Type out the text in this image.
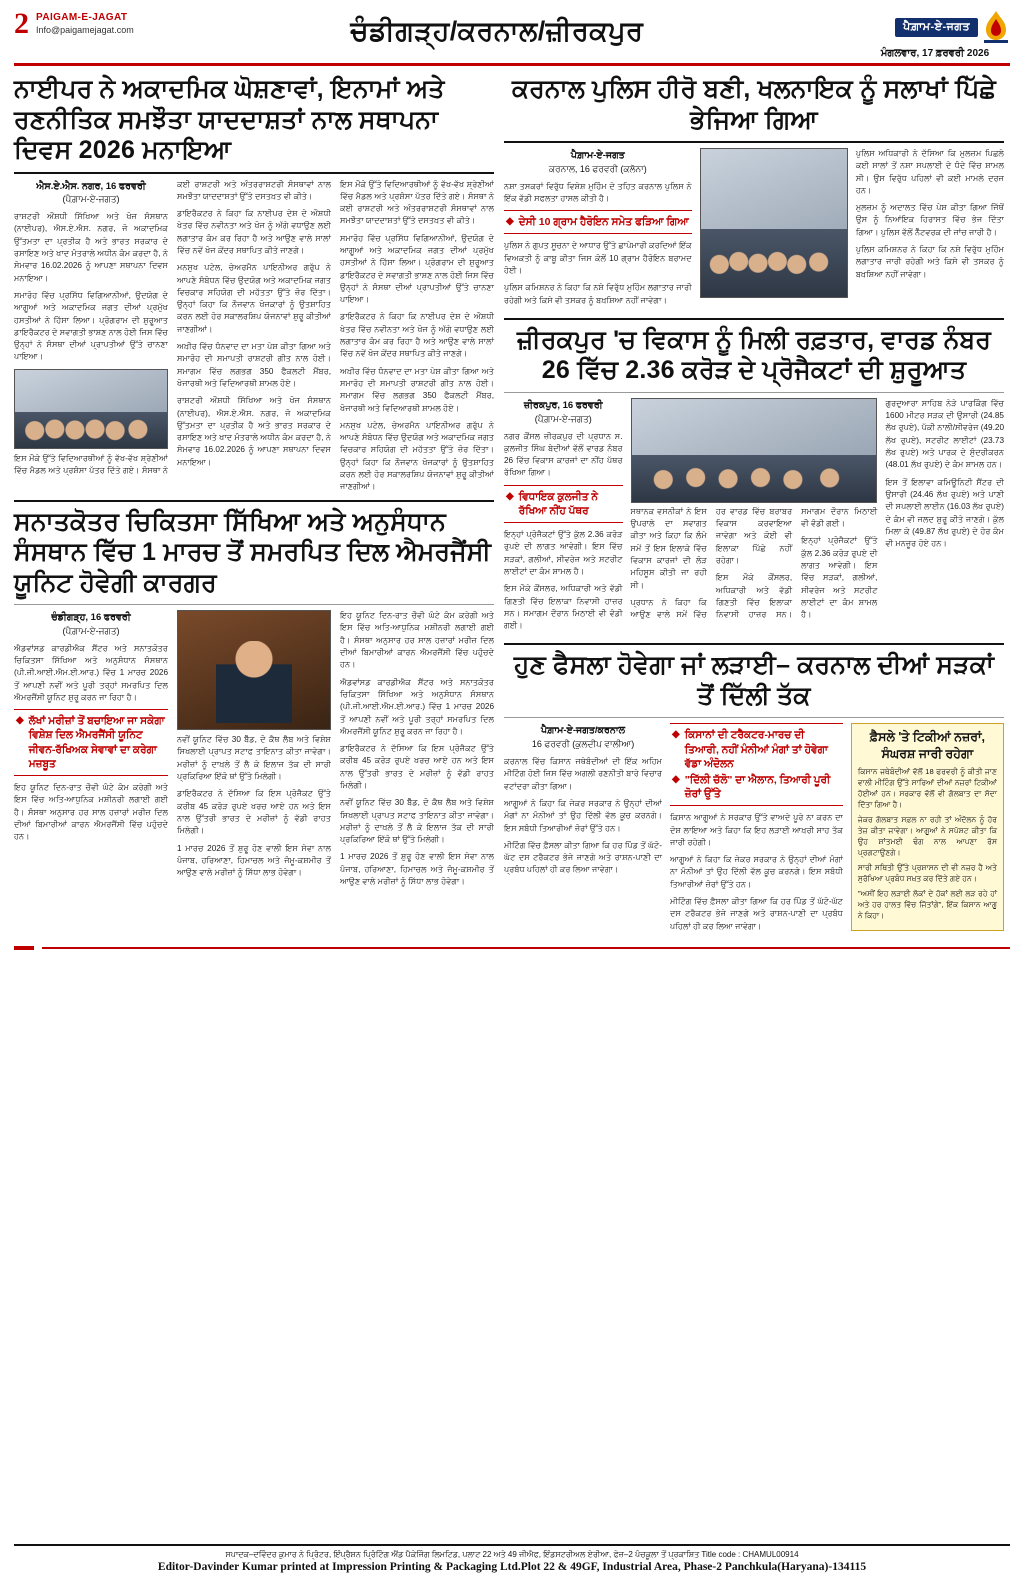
2 PAIGAM-E-JAGAT
Info@paigamejagat.com	ਚੰਡੀਗੜ੍ਹ/ਕਰਨਾਲ/ਜ਼ੀਰਕਪੁਰ	ਪੈਗ਼ਾਮ-ਏ-ਜਗਤ
ਮੰਗਲਵਾਰ, 17 ਫ਼ਰਵਰੀ 2026
ਨਾਈਪਰ ਨੇ ਅਕਾਦਮਿਕ ਘੋਸ਼ਣਾਵਾਂ, ਇਨਾਮਾਂ ਅਤੇ ਰਣਨੀਤਿਕ ਸਮਝੌਤਾ ਯਾਦਦਾਸ਼ਤਾਂ ਨਾਲ ਸਥਾਪਨਾ ਦਿਵਸ 2026 ਮਨਾਇਆ
ਐਸ.ਏ.ਐਸ. ਨਗਰ, 16 ਫਰਵਰੀ
(ਪੈਗ਼ਾਮ-ਏ-ਜਗਤ)

ਰਾਸ਼ਟਰੀ ਔਸ਼ਧੀ ਸਿੱਖਿਆ ਅਤੇ ਖੋਜ ਸੰਸਥਾਨ (ਨਾਈਪਰ), ਐਸ.ਏ.ਐਸ. ਨਗਰ, ਜੋ ਅਕਾਦਮਿਕ ਉੱਤਮਤਾ ਦਾ ਪ੍ਰਤੀਕ ਹੈ ਅਤੇ ਭਾਰਤ ਸਰਕਾਰ ਦੇ ਰਸਾਇਣ ਅਤੇ ਖਾਦ ਮੰਤਰਾਲੇ ਅਧੀਨ ਕੰਮ ਕਰਦਾ ਹੈ, ਨੇ ਸੋਮਵਾਰ 16.02.2026 ਨੂੰ ਆਪਣਾ ਸਥਾਪਨਾ ਦਿਵਸ ਮਨਾਇਆ।

ਸਮਾਰੋਹ ਵਿੱਚ ਪ੍ਰਸਿੱਧ ਵਿਗਿਆਨੀਆਂ, ਉਦਯੋਗ ਦੇ ਆਗੂਆਂ ਅਤੇ ਅਕਾਦਮਿਕ ਜਗਤ ਦੀਆਂ ਪ੍ਰਮੁੱਖ ਹਸਤੀਆਂ ਨੇ ਹਿੱਸਾ ਲਿਆ। ਪ੍ਰੋਗਰਾਮ ਦੀ ਸ਼ੁਰੂਆਤ ਡਾਇਰੈਕਟਰ ਦੇ ਸਵਾਗਤੀ ਭਾਸ਼ਣ ਨਾਲ ਹੋਈ ਜਿਸ ਵਿੱਚ ਉਨ੍ਹਾਂ ਨੇ ਸੰਸਥਾ ਦੀਆਂ ਪ੍ਰਾਪਤੀਆਂ ਉੱਤੇ ਚਾਨਣਾ ਪਾਇਆ।

ਇਸ ਮੌਕੇ ਉੱਤੇ ਵਿਦਿਆਰਥੀਆਂ ਨੂੰ ਵੱਖ-ਵੱਖ ਸ਼੍ਰੇਣੀਆਂ ਵਿੱਚ ਮੈਡਲ ਅਤੇ ਪ੍ਰਸ਼ੰਸਾ ਪੱਤਰ ਦਿੱਤੇ ਗਏ। ਸੰਸਥਾ ਨੇ ਕਈ ਰਾਸ਼ਟਰੀ ਅਤੇ ਅੰਤਰਰਾਸ਼ਟਰੀ ਸੰਸਥਾਵਾਂ ਨਾਲ ਸਮਝੌਤਾ ਯਾਦਦਾਸ਼ਤਾਂ ਉੱਤੇ ਦਸਤਖ਼ਤ ਵੀ ਕੀਤੇ।

ਡਾਇਰੈਕਟਰ ਨੇ ਕਿਹਾ ਕਿ ਨਾਈਪਰ ਦੇਸ਼ ਦੇ ਔਸ਼ਧੀ ਖੇਤਰ ਵਿੱਚ ਨਵੀਨਤਾ ਅਤੇ ਖੋਜ ਨੂੰ ਅੱਗੇ ਵਧਾਉਣ ਲਈ ਲਗਾਤਾਰ ਕੰਮ ਕਰ ਰਿਹਾ ਹੈ ਅਤੇ ਆਉਣ ਵਾਲੇ ਸਾਲਾਂ ਵਿੱਚ ਨਵੇਂ ਖੋਜ ਕੇਂਦਰ ਸਥਾਪਿਤ ਕੀਤੇ ਜਾਣਗੇ।

ਮਨਸੁਖ ਪਟੇਲ, ਚੇਅਰਮੈਨ ਪਾਇਨੀਅਰ ਗਰੁੱਪ ਨੇ ਆਪਣੇ ਸੰਬੋਧਨ ਵਿੱਚ ਉਦਯੋਗ ਅਤੇ ਅਕਾਦਮਿਕ ਜਗਤ ਵਿਚਕਾਰ ਸਹਿਯੋਗ ਦੀ ਮਹੱਤਤਾ ਉੱਤੇ ਜ਼ੋਰ ਦਿੱਤਾ। ਉਨ੍ਹਾਂ ਕਿਹਾ ਕਿ ਨੌਜਵਾਨ ਖੋਜਕਾਰਾਂ ਨੂੰ ਉਤਸ਼ਾਹਿਤ ਕਰਨ ਲਈ ਹੋਰ ਸਕਾਲਰਸ਼ਿਪ ਯੋਜਨਾਵਾਂ ਸ਼ੁਰੂ ਕੀਤੀਆਂ ਜਾਣਗੀਆਂ।

ਅਖ਼ੀਰ ਵਿੱਚ ਧੰਨਵਾਦ ਦਾ ਮਤਾ ਪੇਸ਼ ਕੀਤਾ ਗਿਆ ਅਤੇ ਸਮਾਰੋਹ ਦੀ ਸਮਾਪਤੀ ਰਾਸ਼ਟਰੀ ਗੀਤ ਨਾਲ ਹੋਈ। ਸਮਾਗਮ ਵਿੱਚ ਲਗਭਗ 350 ਫੈਕਲਟੀ ਮੈਂਬਰ, ਖੋਜਾਰਥੀ ਅਤੇ ਵਿਦਿਆਰਥੀ ਸ਼ਾਮਲ ਹੋਏ।

ਰਾਸ਼ਟਰੀ ਔਸ਼ਧੀ ਸਿੱਖਿਆ ਅਤੇ ਖੋਜ ਸੰਸਥਾਨ (ਨਾਈਪਰ), ਐਸ.ਏ.ਐਸ. ਨਗਰ, ਜੋ ਅਕਾਦਮਿਕ ਉੱਤਮਤਾ ਦਾ ਪ੍ਰਤੀਕ ਹੈ ਅਤੇ ਭਾਰਤ ਸਰਕਾਰ ਦੇ ਰਸਾਇਣ ਅਤੇ ਖਾਦ ਮੰਤਰਾਲੇ ਅਧੀਨ ਕੰਮ ਕਰਦਾ ਹੈ, ਨੇ ਸੋਮਵਾਰ 16.02.2026 ਨੂੰ ਆਪਣਾ ਸਥਾਪਨਾ ਦਿਵਸ ਮਨਾਇਆ।

ਇਸ ਮੌਕੇ ਉੱਤੇ ਵਿਦਿਆਰਥੀਆਂ ਨੂੰ ਵੱਖ-ਵੱਖ ਸ਼੍ਰੇਣੀਆਂ ਵਿੱਚ ਮੈਡਲ ਅਤੇ ਪ੍ਰਸ਼ੰਸਾ ਪੱਤਰ ਦਿੱਤੇ ਗਏ। ਸੰਸਥਾ ਨੇ ਕਈ ਰਾਸ਼ਟਰੀ ਅਤੇ ਅੰਤਰਰਾਸ਼ਟਰੀ ਸੰਸਥਾਵਾਂ ਨਾਲ ਸਮਝੌਤਾ ਯਾਦਦਾਸ਼ਤਾਂ ਉੱਤੇ ਦਸਤਖ਼ਤ ਵੀ ਕੀਤੇ।

ਸਮਾਰੋਹ ਵਿੱਚ ਪ੍ਰਸਿੱਧ ਵਿਗਿਆਨੀਆਂ, ਉਦਯੋਗ ਦੇ ਆਗੂਆਂ ਅਤੇ ਅਕਾਦਮਿਕ ਜਗਤ ਦੀਆਂ ਪ੍ਰਮੁੱਖ ਹਸਤੀਆਂ ਨੇ ਹਿੱਸਾ ਲਿਆ। ਪ੍ਰੋਗਰਾਮ ਦੀ ਸ਼ੁਰੂਆਤ ਡਾਇਰੈਕਟਰ ਦੇ ਸਵਾਗਤੀ ਭਾਸ਼ਣ ਨਾਲ ਹੋਈ ਜਿਸ ਵਿੱਚ ਉਨ੍ਹਾਂ ਨੇ ਸੰਸਥਾ ਦੀਆਂ ਪ੍ਰਾਪਤੀਆਂ ਉੱਤੇ ਚਾਨਣਾ ਪਾਇਆ।

ਡਾਇਰੈਕਟਰ ਨੇ ਕਿਹਾ ਕਿ ਨਾਈਪਰ ਦੇਸ਼ ਦੇ ਔਸ਼ਧੀ ਖੇਤਰ ਵਿੱਚ ਨਵੀਨਤਾ ਅਤੇ ਖੋਜ ਨੂੰ ਅੱਗੇ ਵਧਾਉਣ ਲਈ ਲਗਾਤਾਰ ਕੰਮ ਕਰ ਰਿਹਾ ਹੈ ਅਤੇ ਆਉਣ ਵਾਲੇ ਸਾਲਾਂ ਵਿੱਚ ਨਵੇਂ ਖੋਜ ਕੇਂਦਰ ਸਥਾਪਿਤ ਕੀਤੇ ਜਾਣਗੇ।

ਅਖ਼ੀਰ ਵਿੱਚ ਧੰਨਵਾਦ ਦਾ ਮਤਾ ਪੇਸ਼ ਕੀਤਾ ਗਿਆ ਅਤੇ ਸਮਾਰੋਹ ਦੀ ਸਮਾਪਤੀ ਰਾਸ਼ਟਰੀ ਗੀਤ ਨਾਲ ਹੋਈ। ਸਮਾਗਮ ਵਿੱਚ ਲਗਭਗ 350 ਫੈਕਲਟੀ ਮੈਂਬਰ, ਖੋਜਾਰਥੀ ਅਤੇ ਵਿਦਿਆਰਥੀ ਸ਼ਾਮਲ ਹੋਏ।

ਮਨਸੁਖ ਪਟੇਲ, ਚੇਅਰਮੈਨ ਪਾਇਨੀਅਰ ਗਰੁੱਪ ਨੇ ਆਪਣੇ ਸੰਬੋਧਨ ਵਿੱਚ ਉਦਯੋਗ ਅਤੇ ਅਕਾਦਮਿਕ ਜਗਤ ਵਿਚਕਾਰ ਸਹਿਯੋਗ ਦੀ ਮਹੱਤਤਾ ਉੱਤੇ ਜ਼ੋਰ ਦਿੱਤਾ। ਉਨ੍ਹਾਂ ਕਿਹਾ ਕਿ ਨੌਜਵਾਨ ਖੋਜਕਾਰਾਂ ਨੂੰ ਉਤਸ਼ਾਹਿਤ ਕਰਨ ਲਈ ਹੋਰ ਸਕਾਲਰਸ਼ਿਪ ਯੋਜਨਾਵਾਂ ਸ਼ੁਰੂ ਕੀਤੀਆਂ ਜਾਣਗੀਆਂ।

ਸਨਾਤਕੋਤਰ ਚਿਕਿਤਸਾ ਸਿੱਖਿਆ ਅਤੇ ਅਨੁਸੰਧਾਨ ਸੰਸਥਾਨ ਵਿੱਚ 1 ਮਾਰਚ ਤੋਂ ਸਮਰਪਿਤ ਦਿਲ ਐਮਰਜੈਂਸੀ ਯੂਨਿਟ ਹੋਵੇਗੀ ਕਾਰਗਰ
ਚੰਡੀਗੜ੍ਹ, 16 ਫਰਵਰੀ
(ਪੈਗ਼ਾਮ-ਏ-ਜਗਤ)

ਐਡਵਾਂਸਡ ਕਾਰਡੀਐਕ ਸੈਂਟਰ ਅਤੇ ਸਨਾਤਕੋਤਰ ਚਿਕਿਤਸਾ ਸਿੱਖਿਆ ਅਤੇ ਅਨੁਸੰਧਾਨ ਸੰਸਥਾਨ (ਪੀ.ਜੀ.ਆਈ.ਐਮ.ਈ.ਆਰ.) ਵਿੱਚ 1 ਮਾਰਚ 2026 ਤੋਂ ਆਪਣੀ ਨਵੀਂ ਅਤੇ ਪੂਰੀ ਤਰ੍ਹਾਂ ਸਮਰਪਿਤ ਦਿਲ ਐਮਰਜੈਂਸੀ ਯੂਨਿਟ ਸ਼ੁਰੂ ਕਰਨ ਜਾ ਰਿਹਾ ਹੈ।

◆ ਲੱਖਾਂ ਮਰੀਜ਼ਾਂ ਤੋਂ ਬਚਾਇਆ ਜਾ ਸਕੇਗਾ ਵਿਸ਼ੇਸ਼ ਦਿਲ ਐਮਰਜੈਂਸੀ ਯੂਨਿਟ ਜੀਵਨ-ਰੱਖਿਅਕ ਸੇਵਾਵਾਂ ਦਾ ਕਰੇਗਾ ਮਜ਼ਬੂਤ

ਇਹ ਯੂਨਿਟ ਦਿਨ-ਰਾਤ ਚੌਵੀ ਘੰਟੇ ਕੰਮ ਕਰੇਗੀ ਅਤੇ ਇਸ ਵਿੱਚ ਅਤਿ-ਆਧੁਨਿਕ ਮਸ਼ੀਨਰੀ ਲਗਾਈ ਗਈ ਹੈ। ਸੰਸਥਾ ਅਨੁਸਾਰ ਹਰ ਸਾਲ ਹਜ਼ਾਰਾਂ ਮਰੀਜ਼ ਦਿਲ ਦੀਆਂ ਬਿਮਾਰੀਆਂ ਕਾਰਨ ਐਮਰਜੈਂਸੀ ਵਿੱਚ ਪਹੁੰਚਦੇ ਹਨ।

ਨਵੀਂ ਯੂਨਿਟ ਵਿੱਚ 30 ਬੈੱਡ, ਦੋ ਕੈਥ ਲੈਬ ਅਤੇ ਵਿਸ਼ੇਸ਼ ਸਿਖਲਾਈ ਪ੍ਰਾਪਤ ਸਟਾਫ ਤਾਇਨਾਤ ਕੀਤਾ ਜਾਵੇਗਾ। ਮਰੀਜ਼ਾਂ ਨੂੰ ਦਾਖ਼ਲੇ ਤੋਂ ਲੈ ਕੇ ਇਲਾਜ ਤੱਕ ਦੀ ਸਾਰੀ ਪ੍ਰਕਿਰਿਆ ਇੱਕੋ ਥਾਂ ਉੱਤੇ ਮਿਲੇਗੀ।

ਡਾਇਰੈਕਟਰ ਨੇ ਦੱਸਿਆ ਕਿ ਇਸ ਪ੍ਰੋਜੈਕਟ ਉੱਤੇ ਕਰੀਬ 45 ਕਰੋੜ ਰੁਪਏ ਖਰਚ ਆਏ ਹਨ ਅਤੇ ਇਸ ਨਾਲ ਉੱਤਰੀ ਭਾਰਤ ਦੇ ਮਰੀਜ਼ਾਂ ਨੂੰ ਵੱਡੀ ਰਾਹਤ ਮਿਲੇਗੀ।

1 ਮਾਰਚ 2026 ਤੋਂ ਸ਼ੁਰੂ ਹੋਣ ਵਾਲੀ ਇਸ ਸੇਵਾ ਨਾਲ ਪੰਜਾਬ, ਹਰਿਆਣਾ, ਹਿਮਾਚਲ ਅਤੇ ਜੰਮੂ-ਕਸ਼ਮੀਰ ਤੋਂ ਆਉਣ ਵਾਲੇ ਮਰੀਜ਼ਾਂ ਨੂੰ ਸਿੱਧਾ ਲਾਭ ਹੋਵੇਗਾ।

ਇਹ ਯੂਨਿਟ ਦਿਨ-ਰਾਤ ਚੌਵੀ ਘੰਟੇ ਕੰਮ ਕਰੇਗੀ ਅਤੇ ਇਸ ਵਿੱਚ ਅਤਿ-ਆਧੁਨਿਕ ਮਸ਼ੀਨਰੀ ਲਗਾਈ ਗਈ ਹੈ। ਸੰਸਥਾ ਅਨੁਸਾਰ ਹਰ ਸਾਲ ਹਜ਼ਾਰਾਂ ਮਰੀਜ਼ ਦਿਲ ਦੀਆਂ ਬਿਮਾਰੀਆਂ ਕਾਰਨ ਐਮਰਜੈਂਸੀ ਵਿੱਚ ਪਹੁੰਚਦੇ ਹਨ।

ਐਡਵਾਂਸਡ ਕਾਰਡੀਐਕ ਸੈਂਟਰ ਅਤੇ ਸਨਾਤਕੋਤਰ ਚਿਕਿਤਸਾ ਸਿੱਖਿਆ ਅਤੇ ਅਨੁਸੰਧਾਨ ਸੰਸਥਾਨ (ਪੀ.ਜੀ.ਆਈ.ਐਮ.ਈ.ਆਰ.) ਵਿੱਚ 1 ਮਾਰਚ 2026 ਤੋਂ ਆਪਣੀ ਨਵੀਂ ਅਤੇ ਪੂਰੀ ਤਰ੍ਹਾਂ ਸਮਰਪਿਤ ਦਿਲ ਐਮਰਜੈਂਸੀ ਯੂਨਿਟ ਸ਼ੁਰੂ ਕਰਨ ਜਾ ਰਿਹਾ ਹੈ।

ਡਾਇਰੈਕਟਰ ਨੇ ਦੱਸਿਆ ਕਿ ਇਸ ਪ੍ਰੋਜੈਕਟ ਉੱਤੇ ਕਰੀਬ 45 ਕਰੋੜ ਰੁਪਏ ਖਰਚ ਆਏ ਹਨ ਅਤੇ ਇਸ ਨਾਲ ਉੱਤਰੀ ਭਾਰਤ ਦੇ ਮਰੀਜ਼ਾਂ ਨੂੰ ਵੱਡੀ ਰਾਹਤ ਮਿਲੇਗੀ।

ਨਵੀਂ ਯੂਨਿਟ ਵਿੱਚ 30 ਬੈੱਡ, ਦੋ ਕੈਥ ਲੈਬ ਅਤੇ ਵਿਸ਼ੇਸ਼ ਸਿਖਲਾਈ ਪ੍ਰਾਪਤ ਸਟਾਫ ਤਾਇਨਾਤ ਕੀਤਾ ਜਾਵੇਗਾ। ਮਰੀਜ਼ਾਂ ਨੂੰ ਦਾਖ਼ਲੇ ਤੋਂ ਲੈ ਕੇ ਇਲਾਜ ਤੱਕ ਦੀ ਸਾਰੀ ਪ੍ਰਕਿਰਿਆ ਇੱਕੋ ਥਾਂ ਉੱਤੇ ਮਿਲੇਗੀ।

1 ਮਾਰਚ 2026 ਤੋਂ ਸ਼ੁਰੂ ਹੋਣ ਵਾਲੀ ਇਸ ਸੇਵਾ ਨਾਲ ਪੰਜਾਬ, ਹਰਿਆਣਾ, ਹਿਮਾਚਲ ਅਤੇ ਜੰਮੂ-ਕਸ਼ਮੀਰ ਤੋਂ ਆਉਣ ਵਾਲੇ ਮਰੀਜ਼ਾਂ ਨੂੰ ਸਿੱਧਾ ਲਾਭ ਹੋਵੇਗਾ।

ਕਰਨਾਲ ਪੁਲਿਸ ਹੀਰੋ ਬਣੀ, ਖਲਨਾਇਕ ਨੂੰ ਸਲਾਖਾਂ ਪਿੱਛੇ ਭੇਜਿਆ ਗਿਆ
ਪੈਗ਼ਾਮ-ਏ-ਜਗਤ
ਕਰਨਾਲ, 16 ਫਰਵਰੀ (ਕਲੋਨਾ)

ਨਸ਼ਾ ਤਸਕਰਾਂ ਵਿਰੁੱਧ ਵਿਸ਼ੇਸ਼ ਮੁਹਿੰਮ ਦੇ ਤਹਿਤ ਕਰਨਾਲ ਪੁਲਿਸ ਨੇ ਇੱਕ ਵੱਡੀ ਸਫਲਤਾ ਹਾਸਲ ਕੀਤੀ ਹੈ।

◆ ਦੇਸੀ 10 ਗ੍ਰਾਮ ਹੈਰੋਇਨ ਸਮੇਤ ਫੜਿਆ ਗਿਆ

ਪੁਲਿਸ ਨੇ ਗੁਪਤ ਸੂਚਨਾ ਦੇ ਆਧਾਰ ਉੱਤੇ ਛਾਪੇਮਾਰੀ ਕਰਦਿਆਂ ਇੱਕ ਵਿਅਕਤੀ ਨੂੰ ਕਾਬੂ ਕੀਤਾ ਜਿਸ ਕੋਲੋਂ 10 ਗ੍ਰਾਮ ਹੈਰੋਇਨ ਬਰਾਮਦ ਹੋਈ।

ਪੁਲਿਸ ਕਮਿਸ਼ਨਰ ਨੇ ਕਿਹਾ ਕਿ ਨਸ਼ੇ ਵਿਰੁੱਧ ਮੁਹਿੰਮ ਲਗਾਤਾਰ ਜਾਰੀ ਰਹੇਗੀ ਅਤੇ ਕਿਸੇ ਵੀ ਤਸਕਰ ਨੂੰ ਬਖ਼ਸ਼ਿਆ ਨਹੀਂ ਜਾਵੇਗਾ।

ਪੁਲਿਸ ਅਧਿਕਾਰੀ ਨੇ ਦੱਸਿਆ ਕਿ ਮੁਲਜ਼ਮ ਪਿਛਲੇ ਕਈ ਸਾਲਾਂ ਤੋਂ ਨਸ਼ਾ ਸਪਲਾਈ ਦੇ ਧੰਦੇ ਵਿੱਚ ਸ਼ਾਮਲ ਸੀ। ਉਸ ਵਿਰੁੱਧ ਪਹਿਲਾਂ ਵੀ ਕਈ ਮਾਮਲੇ ਦਰਜ ਹਨ।

ਮੁਲਜ਼ਮ ਨੂੰ ਅਦਾਲਤ ਵਿੱਚ ਪੇਸ਼ ਕੀਤਾ ਗਿਆ ਜਿੱਥੋਂ ਉਸ ਨੂੰ ਨਿਆਂਇਕ ਹਿਰਾਸਤ ਵਿੱਚ ਭੇਜ ਦਿੱਤਾ ਗਿਆ। ਪੁਲਿਸ ਵੱਲੋਂ ਨੈੱਟਵਰਕ ਦੀ ਜਾਂਚ ਜਾਰੀ ਹੈ।

ਪੁਲਿਸ ਕਮਿਸ਼ਨਰ ਨੇ ਕਿਹਾ ਕਿ ਨਸ਼ੇ ਵਿਰੁੱਧ ਮੁਹਿੰਮ ਲਗਾਤਾਰ ਜਾਰੀ ਰਹੇਗੀ ਅਤੇ ਕਿਸੇ ਵੀ ਤਸਕਰ ਨੂੰ ਬਖ਼ਸ਼ਿਆ ਨਹੀਂ ਜਾਵੇਗਾ।

ਜ਼ੀਰਕਪੁਰ 'ਚ ਵਿਕਾਸ ਨੂੰ ਮਿਲੀ ਰਫ਼ਤਾਰ, ਵਾਰਡ ਨੰਬਰ 26 ਵਿੱਚ 2.36 ਕਰੋੜ ਦੇ ਪ੍ਰੋਜੈਕਟਾਂ ਦੀ ਸ਼ੁਰੂਆਤ
ਜ਼ੀਰਕਪੁਰ, 16 ਫਰਵਰੀ
(ਪੈਗ਼ਾਮ-ਏ-ਜਗਤ)

ਨਗਰ ਕੌਂਸਲ ਜ਼ੀਰਕਪੁਰ ਦੀ ਪ੍ਰਧਾਨ ਸ. ਕੁਲਜੀਤ ਸਿੰਘ ਬੇਦੀਆਂ ਵੱਲੋਂ ਵਾਰਡ ਨੰਬਰ 26 ਵਿੱਚ ਵਿਕਾਸ ਕਾਰਜਾਂ ਦਾ ਨੀਂਹ ਪੱਥਰ ਰੱਖਿਆ ਗਿਆ।

◆ ਵਿਧਾਇਕ ਕੁਲਜੀਤ ਨੇ ਰੱਖਿਆ ਨੀਂਹ ਪੱਥਰ

ਇਨ੍ਹਾਂ ਪ੍ਰੋਜੈਕਟਾਂ ਉੱਤੇ ਕੁੱਲ 2.36 ਕਰੋੜ ਰੁਪਏ ਦੀ ਲਾਗਤ ਆਵੇਗੀ। ਇਸ ਵਿੱਚ ਸੜਕਾਂ, ਗਲੀਆਂ, ਸੀਵਰੇਜ ਅਤੇ ਸਟਰੀਟ ਲਾਈਟਾਂ ਦਾ ਕੰਮ ਸ਼ਾਮਲ ਹੈ।

ਇਸ ਮੌਕੇ ਕੌਂਸਲਰ, ਅਧਿਕਾਰੀ ਅਤੇ ਵੱਡੀ ਗਿਣਤੀ ਵਿੱਚ ਇਲਾਕਾ ਨਿਵਾਸੀ ਹਾਜ਼ਰ ਸਨ। ਸਮਾਗਮ ਦੌਰਾਨ ਮਿਠਾਈ ਵੀ ਵੰਡੀ ਗਈ।

ਸਥਾਨਕ ਵਸਨੀਕਾਂ ਨੇ ਇਸ ਉਪਰਾਲੇ ਦਾ ਸਵਾਗਤ ਕੀਤਾ ਅਤੇ ਕਿਹਾ ਕਿ ਲੰਮੇ ਸਮੇਂ ਤੋਂ ਇਸ ਇਲਾਕੇ ਵਿੱਚ ਵਿਕਾਸ ਕਾਰਜਾਂ ਦੀ ਲੋੜ ਮਹਿਸੂਸ ਕੀਤੀ ਜਾ ਰਹੀ ਸੀ।

ਪ੍ਰਧਾਨ ਨੇ ਕਿਹਾ ਕਿ ਆਉਣ ਵਾਲੇ ਸਮੇਂ ਵਿੱਚ ਹਰ ਵਾਰਡ ਵਿੱਚ ਬਰਾਬਰ ਵਿਕਾਸ ਕਰਵਾਇਆ ਜਾਵੇਗਾ ਅਤੇ ਕੋਈ ਵੀ ਇਲਾਕਾ ਪਿੱਛੇ ਨਹੀਂ ਰਹੇਗਾ।

ਇਸ ਮੌਕੇ ਕੌਂਸਲਰ, ਅਧਿਕਾਰੀ ਅਤੇ ਵੱਡੀ ਗਿਣਤੀ ਵਿੱਚ ਇਲਾਕਾ ਨਿਵਾਸੀ ਹਾਜ਼ਰ ਸਨ। ਸਮਾਗਮ ਦੌਰਾਨ ਮਿਠਾਈ ਵੀ ਵੰਡੀ ਗਈ।

ਇਨ੍ਹਾਂ ਪ੍ਰੋਜੈਕਟਾਂ ਉੱਤੇ ਕੁੱਲ 2.36 ਕਰੋੜ ਰੁਪਏ ਦੀ ਲਾਗਤ ਆਵੇਗੀ। ਇਸ ਵਿੱਚ ਸੜਕਾਂ, ਗਲੀਆਂ, ਸੀਵਰੇਜ ਅਤੇ ਸਟਰੀਟ ਲਾਈਟਾਂ ਦਾ ਕੰਮ ਸ਼ਾਮਲ ਹੈ।

ਗੁਰਦੁਆਰਾ ਸਾਹਿਬ ਨੇੜੇ ਪਾਰਕਿੰਗ ਵਿੱਚ 1600 ਮੀਟਰ ਸੜਕ ਦੀ ਉਸਾਰੀ (24.85 ਲੱਖ ਰੁਪਏ), ਪੱਕੀ ਨਾਲੀ/ਸੀਵਰੇਜ (49.20 ਲੱਖ ਰੁਪਏ), ਸਟਰੀਟ ਲਾਈਟਾਂ (23.73 ਲੱਖ ਰੁਪਏ) ਅਤੇ ਪਾਰਕ ਦੇ ਸੁੰਦਰੀਕਰਨ (48.01 ਲੱਖ ਰੁਪਏ) ਦੇ ਕੰਮ ਸ਼ਾਮਲ ਹਨ।

ਇਸ ਤੋਂ ਇਲਾਵਾ ਕਮਿਊਨਿਟੀ ਸੈਂਟਰ ਦੀ ਉਸਾਰੀ (24.46 ਲੱਖ ਰੁਪਏ) ਅਤੇ ਪਾਣੀ ਦੀ ਸਪਲਾਈ ਲਾਈਨ (16.03 ਲੱਖ ਰੁਪਏ) ਦੇ ਕੰਮ ਵੀ ਜਲਦ ਸ਼ੁਰੂ ਕੀਤੇ ਜਾਣਗੇ। ਕੁੱਲ ਮਿਲਾ ਕੇ (49.87 ਲੱਖ ਰੁਪਏ) ਦੇ ਹੋਰ ਕੰਮ ਵੀ ਮਨਜ਼ੂਰ ਹੋਏ ਹਨ।

ਹੁਣ ਫੈਸਲਾ ਹੋਵੇਗਾ ਜਾਂ ਲੜਾਈ– ਕਰਨਾਲ ਦੀਆਂ ਸੜਕਾਂ ਤੋਂ ਦਿੱਲੀ ਤੱਕ
ਪੈਗ਼ਾਮ-ਏ-ਜਗਤ/ਕਰਨਾਲ
16 ਫਰਵਰੀ (ਕੁਲਦੀਪ ਵਾਲੀਆ)

ਕਰਨਾਲ ਵਿੱਚ ਕਿਸਾਨ ਜਥੇਬੰਦੀਆਂ ਦੀ ਇੱਕ ਅਹਿਮ ਮੀਟਿੰਗ ਹੋਈ ਜਿਸ ਵਿੱਚ ਅਗਲੀ ਰਣਨੀਤੀ ਬਾਰੇ ਵਿਚਾਰ ਵਟਾਂਦਰਾ ਕੀਤਾ ਗਿਆ।

ਆਗੂਆਂ ਨੇ ਕਿਹਾ ਕਿ ਜੇਕਰ ਸਰਕਾਰ ਨੇ ਉਨ੍ਹਾਂ ਦੀਆਂ ਮੰਗਾਂ ਨਾ ਮੰਨੀਆਂ ਤਾਂ ਉਹ ਦਿੱਲੀ ਵੱਲ ਕੂਚ ਕਰਨਗੇ। ਇਸ ਸਬੰਧੀ ਤਿਆਰੀਆਂ ਜ਼ੋਰਾਂ ਉੱਤੇ ਹਨ।

ਮੀਟਿੰਗ ਵਿੱਚ ਫ਼ੈਸਲਾ ਕੀਤਾ ਗਿਆ ਕਿ ਹਰ ਪਿੰਡ ਤੋਂ ਘੱਟੋ-ਘੱਟ ਦਸ ਟਰੈਕਟਰ ਭੇਜੇ ਜਾਣਗੇ ਅਤੇ ਰਾਸ਼ਨ-ਪਾਣੀ ਦਾ ਪ੍ਰਬੰਧ ਪਹਿਲਾਂ ਹੀ ਕਰ ਲਿਆ ਜਾਵੇਗਾ।

◆ ਕਿਸਾਨਾਂ ਦੀ ਟਰੈਕਟਰ-ਮਾਰਚ ਦੀ ਤਿਆਰੀ, ਨਹੀਂ ਮੰਨੀਆਂ ਮੰਗਾਂ ਤਾਂ ਹੋਵੇਗਾ ਵੱਡਾ ਅੰਦੋਲਨ
◆ "ਦਿੱਲੀ ਚੱਲੋ" ਦਾ ਐਲਾਨ, ਤਿਆਰੀ ਪੂਰੀ ਜ਼ੋਰਾਂ ਉੱਤੇ

ਕਿਸਾਨ ਆਗੂਆਂ ਨੇ ਸਰਕਾਰ ਉੱਤੇ ਵਾਅਦੇ ਪੂਰੇ ਨਾ ਕਰਨ ਦਾ ਦੋਸ਼ ਲਾਇਆ ਅਤੇ ਕਿਹਾ ਕਿ ਇਹ ਲੜਾਈ ਆਖ਼ਰੀ ਸਾਹ ਤੱਕ ਜਾਰੀ ਰਹੇਗੀ।

ਆਗੂਆਂ ਨੇ ਕਿਹਾ ਕਿ ਜੇਕਰ ਸਰਕਾਰ ਨੇ ਉਨ੍ਹਾਂ ਦੀਆਂ ਮੰਗਾਂ ਨਾ ਮੰਨੀਆਂ ਤਾਂ ਉਹ ਦਿੱਲੀ ਵੱਲ ਕੂਚ ਕਰਨਗੇ। ਇਸ ਸਬੰਧੀ ਤਿਆਰੀਆਂ ਜ਼ੋਰਾਂ ਉੱਤੇ ਹਨ।

ਮੀਟਿੰਗ ਵਿੱਚ ਫ਼ੈਸਲਾ ਕੀਤਾ ਗਿਆ ਕਿ ਹਰ ਪਿੰਡ ਤੋਂ ਘੱਟੋ-ਘੱਟ ਦਸ ਟਰੈਕਟਰ ਭੇਜੇ ਜਾਣਗੇ ਅਤੇ ਰਾਸ਼ਨ-ਪਾਣੀ ਦਾ ਪ੍ਰਬੰਧ ਪਹਿਲਾਂ ਹੀ ਕਰ ਲਿਆ ਜਾਵੇਗਾ।

ਫ਼ੈਸਲੇ 'ਤੇ ਟਿਕੀਆਂ ਨਜ਼ਰਾਂ, ਸੰਘਰਸ਼ ਜਾਰੀ ਰਹੇਗਾ

ਕਿਸਾਨ ਜਥੇਬੰਦੀਆਂ ਵੱਲੋਂ 18 ਫਰਵਰੀ ਨੂੰ ਕੀਤੀ ਜਾਣ ਵਾਲੀ ਮੀਟਿੰਗ ਉੱਤੇ ਸਾਰਿਆਂ ਦੀਆਂ ਨਜ਼ਰਾਂ ਟਿਕੀਆਂ ਹੋਈਆਂ ਹਨ। ਸਰਕਾਰ ਵੱਲੋਂ ਵੀ ਗੱਲਬਾਤ ਦਾ ਸੱਦਾ ਦਿੱਤਾ ਗਿਆ ਹੈ।

ਜੇਕਰ ਗੱਲਬਾਤ ਸਫ਼ਲ ਨਾ ਰਹੀ ਤਾਂ ਅੰਦੋਲਨ ਨੂੰ ਹੋਰ ਤੇਜ਼ ਕੀਤਾ ਜਾਵੇਗਾ। ਆਗੂਆਂ ਨੇ ਸਪੱਸ਼ਟ ਕੀਤਾ ਕਿ ਉਹ ਸ਼ਾਂਤਮਈ ਢੰਗ ਨਾਲ ਆਪਣਾ ਰੋਸ ਪ੍ਰਗਟਾਉਣਗੇ।

ਸਾਰੀ ਸਥਿਤੀ ਉੱਤੇ ਪ੍ਰਸ਼ਾਸਨ ਦੀ ਵੀ ਨਜ਼ਰ ਹੈ ਅਤੇ ਸੁਰੱਖਿਆ ਪ੍ਰਬੰਧ ਸਖ਼ਤ ਕਰ ਦਿੱਤੇ ਗਏ ਹਨ।

"ਅਸੀਂ ਇਹ ਲੜਾਈ ਲੋਕਾਂ ਦੇ ਹੱਕਾਂ ਲਈ ਲੜ ਰਹੇ ਹਾਂ ਅਤੇ ਹਰ ਹਾਲਤ ਵਿੱਚ ਜਿੱਤਾਂਗੇ", ਇੱਕ ਕਿਸਾਨ ਆਗੂ ਨੇ ਕਿਹਾ।

ਸਪਾਦਕ–ਦਵਿੰਦਰ ਕੁਮਾਰ ਨੇ ਪ੍ਰਿੰਟਰ, ਇੰਪ੍ਰੈਸ਼ਨ ਪ੍ਰਿੰਟਿੰਗ ਐਂਡ ਪੈਕੇਜਿੰਗ ਲਿਮਟਿਡ, ਪਲਾਟ 22 ਅਤੇ 49 ਜੀਐਫ, ਇੰਡਸਟਰੀਅਲ ਏਰੀਆ, ਫੇਜ਼–2 ਪੰਚਕੂਲਾ ਤੋਂ ਪ੍ਰਕਾਸ਼ਿਤ Title code : CHAMUL00914
Editor-Davinder Kumar printed at Impression Printing & Packaging Ltd.Plot 22 & 49GF, Industrial Area, Phase-2 Panchkula(Haryana)-134115
